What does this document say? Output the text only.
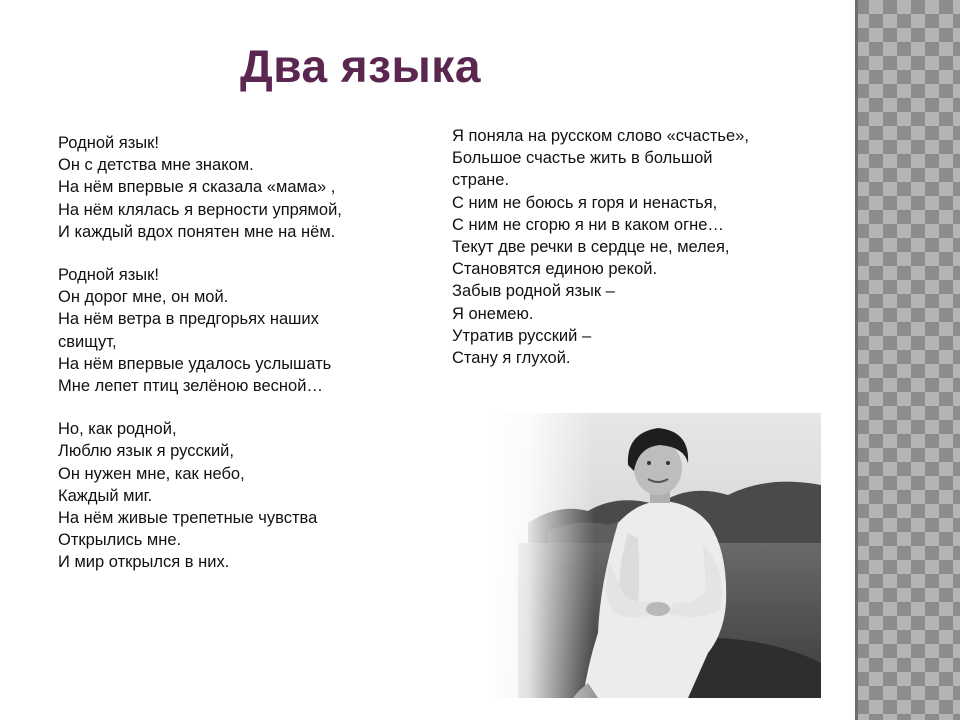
Два языка
Родной язык!
Он с детства мне знаком.
На нём впервые я сказала «мама» ,
На нём клялась я верности упрямой,
И каждый вдох понятен мне на нём.
Родной язык!
Он дорог мне, он мой.
На нём ветра в предгорьях наших
свищут,
На нём впервые удалось услышать
Мне лепет птиц зелёною весной…
Но, как родной,
Люблю язык я русский,
Он нужен мне, как небо,
Каждый миг.
На нём живые трепетные чувства
Открылись мне.
И мир открылся в них.
Я поняла на русском слово «счастье»,
Большое счастье жить в большой
стране.
С ним не боюсь я горя и ненастья,
С ним не сгорю я ни в каком огне…
Текут две речки в сердце не, мелея,
Становятся единою рекой.
Забыв родной язык –
Я онемею.
Утратив русский –
Стану я глухой.
